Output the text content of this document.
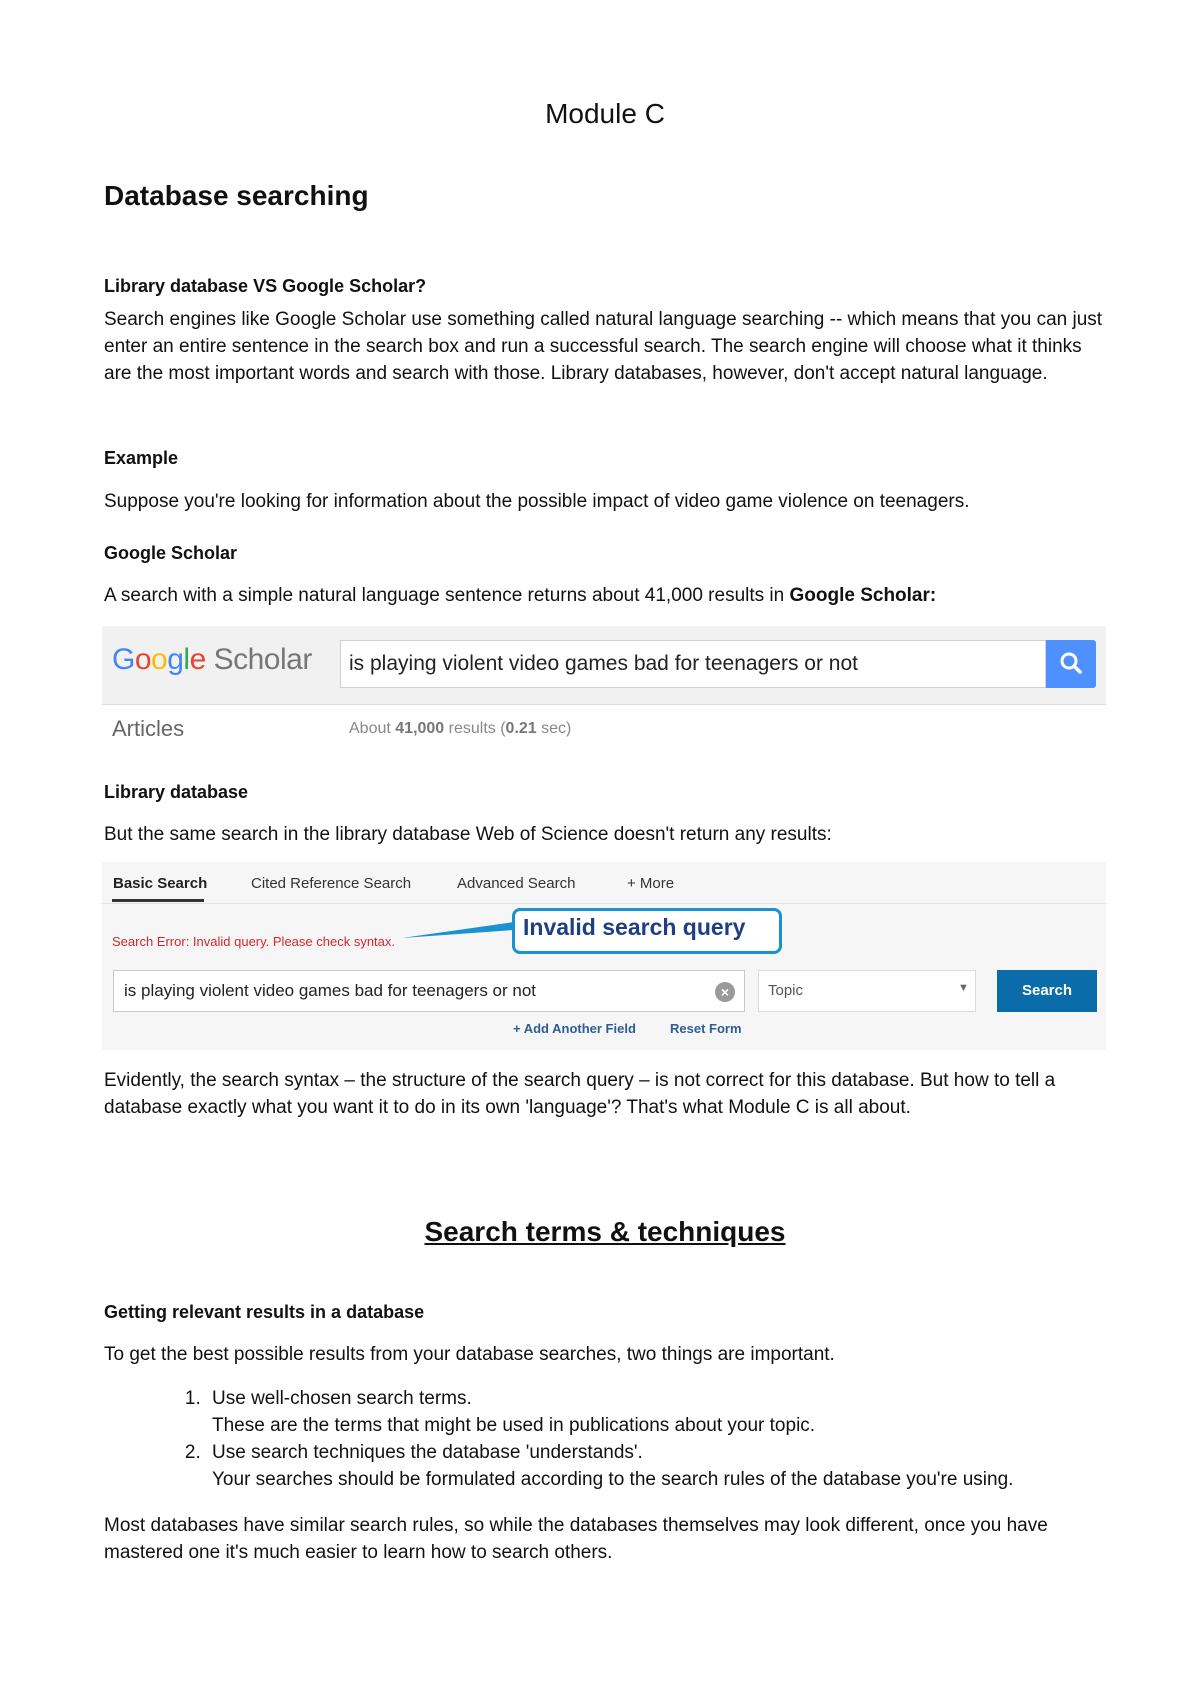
Module C
Database searching
Library database VS Google Scholar?
Search engines like Google Scholar use something called natural language searching -- which means that you can just enter an entire sentence in the search box and run a successful search. The search engine will choose what it thinks are the most important words and search with those. Library databases, however, don't accept natural language.
Example
Suppose you're looking for information about the possible impact of video game violence on teenagers.
Google Scholar
A search with a simple natural language sentence returns about 41,000 results in Google Scholar:
Google Scholar is playing violent video games bad for teenagers or not
Articles	About 41,000 results (0.21 sec)
Library database
But the same search in the library database Web of Science doesn't return any results:
Basic Search	Cited Reference Search	Advanced Search	+ More
Search Error: Invalid query. Please check syntax.
Invalid search query
is playing violent video games bad for teenagers or not	×	Topic	▼	Search
+ Add Another Field	Reset Form
Evidently, the search syntax – the structure of the search query – is not correct for this database. But how to tell a database exactly what you want it to do in its own 'language'? That's what Module C is all about.
Search terms & techniques
Getting relevant results in a database
To get the best possible results from your database searches, two things are important.
1. Use well-chosen search terms.
These are the terms that might be used in publications about your topic.
2. Use search techniques the database 'understands'.
Your searches should be formulated according to the search rules of the database you're using.
Most databases have similar search rules, so while the databases themselves may look different, once you have mastered one it's much easier to learn how to search others.
